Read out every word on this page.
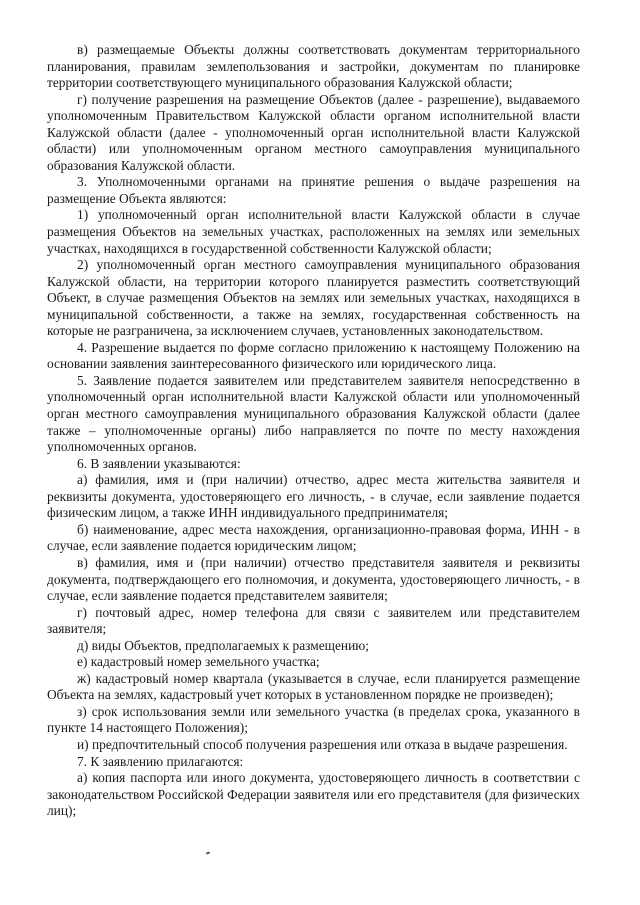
в) размещаемые Объекты должны соответствовать документам территориального планирования, правилам землепользования и застройки, документам по планировке территории соответствующего муниципального образования Калужской области;

г) получение разрешения на размещение Объектов (далее - разрешение), выдаваемого уполномоченным Правительством Калужской области органом исполнительной власти Калужской области (далее - уполномоченный орган исполнительной власти Калужской области) или уполномоченным органом местного самоуправления муниципального образования Калужской области.

3. Уполномоченными органами на принятие решения о выдаче разрешения на размещение Объекта являются:

1) уполномоченный орган исполнительной власти Калужской области в случае размещения Объектов на земельных участках, расположенных на землях или земельных участках, находящихся в государственной собственности Калужской области;

2) уполномоченный орган местного самоуправления муниципального образования Калужской области, на территории которого планируется разместить соответствующий Объект, в случае размещения Объектов на землях или земельных участках, находящихся в муниципальной собственности, а также на землях, государственная собственность на которые не разграничена, за исключением случаев, установленных законодательством.

4. Разрешение выдается по форме согласно приложению к настоящему Положению на основании заявления заинтересованного физического или юридического лица.

5. Заявление подается заявителем или представителем заявителя непосредственно в уполномоченный орган исполнительной власти Калужской области или уполномоченный орган местного самоуправления муниципального образования Калужской области (далее также – уполномоченные органы) либо направляется по почте по месту нахождения уполномоченных органов.

6. В заявлении указываются:

а) фамилия, имя и (при наличии) отчество, адрес места жительства заявителя и реквизиты документа, удостоверяющего его личность, - в случае, если заявление подается физическим лицом, а также ИНН индивидуального предпринимателя;

б) наименование, адрес места нахождения, организационно-правовая форма, ИНН - в случае, если заявление подается юридическим лицом;

в) фамилия, имя и (при наличии) отчество представителя заявителя и реквизиты документа, подтверждающего его полномочия, и документа, удостоверяющего личность, - в случае, если заявление подается представителем заявителя;

г) почтовый адрес, номер телефона для связи с заявителем или представителем заявителя;

д) виды Объектов, предполагаемых к размещению;

е) кадастровый номер земельного участка;

ж) кадастровый номер квартала (указывается в случае, если планируется размещение Объекта на землях, кадастровый учет которых в установленном порядке не произведен);

з) срок использования земли или земельного участка (в пределах срока, указанного в пункте 14 настоящего Положения);

и) предпочтительный способ получения разрешения или отказа в выдаче разрешения.

7. К заявлению прилагаются:

а) копия паспорта или иного документа, удостоверяющего личность в соответствии с законодательством Российской Федерации заявителя или его представителя (для физических лиц);
